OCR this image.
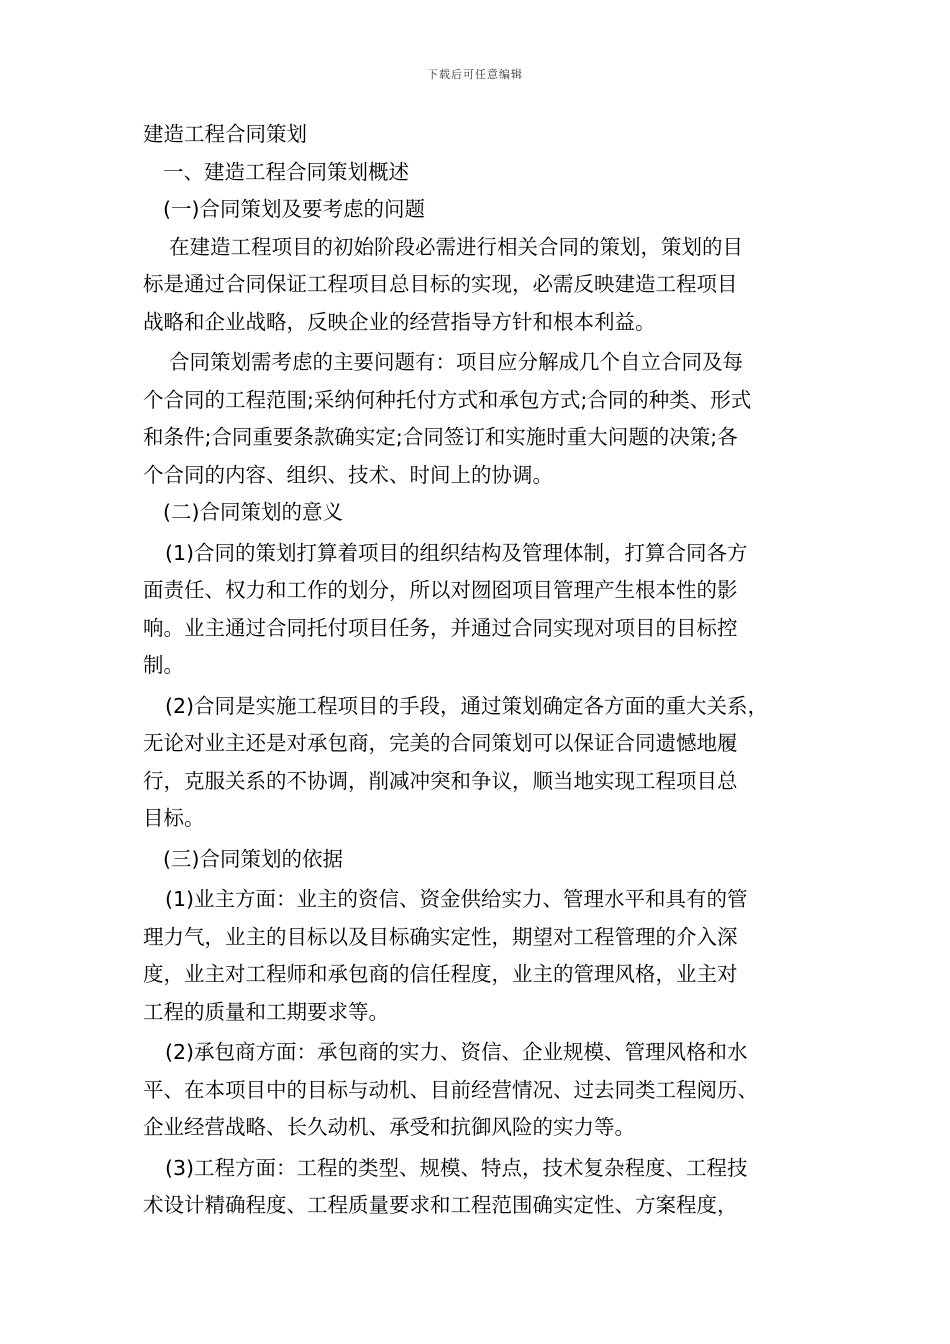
下载后可任意编辑
建造工程合同策划
一、建造工程合同策划概述
(一)合同策划及要考虑的问题
在建造工程项目的初始阶段必需进行相关合同的策划，策划的目
标是通过合同保证工程项目总目标的实现，必需反映建造工程项目
战略和企业战略，反映企业的经营指导方针和根本利益。
合同策划需考虑的主要问题有：项目应分解成几个自立合同及每
个合同的工程范围;采纳何种托付方式和承包方式;合同的种类、形式
和条件;合同重要条款确实定;合同签订和实施时重大问题的决策;各
个合同的内容、组织、技术、时间上的协调。
(二)合同策划的意义
(1)合同的策划打算着项目的组织结构及管理体制，打算合同各方
面责任、权力和工作的划分，所以对囫囵项目管理产生根本性的影
响。业主通过合同托付项目任务，并通过合同实现对项目的目标控
制。
(2)合同是实施工程项目的手段，通过策划确定各方面的重大关系，
无论对业主还是对承包商，完美的合同策划可以保证合同遗憾地履
行，克服关系的不协调，削减冲突和争议，顺当地实现工程项目总
目标。
(三)合同策划的依据
(1)业主方面：业主的资信、资金供给实力、管理水平和具有的管
理力气，业主的目标以及目标确实定性，期望对工程管理的介入深
度，业主对工程师和承包商的信任程度，业主的管理风格，业主对
工程的质量和工期要求等。
(2)承包商方面：承包商的实力、资信、企业规模、管理风格和水
平、在本项目中的目标与动机、目前经营情况、过去同类工程阅历、
企业经营战略、长久动机、承受和抗御风险的实力等。
(3)工程方面：工程的类型、规模、特点，技术复杂程度、工程技
术设计精确程度、工程质量要求和工程范围确实定性、方案程度，
